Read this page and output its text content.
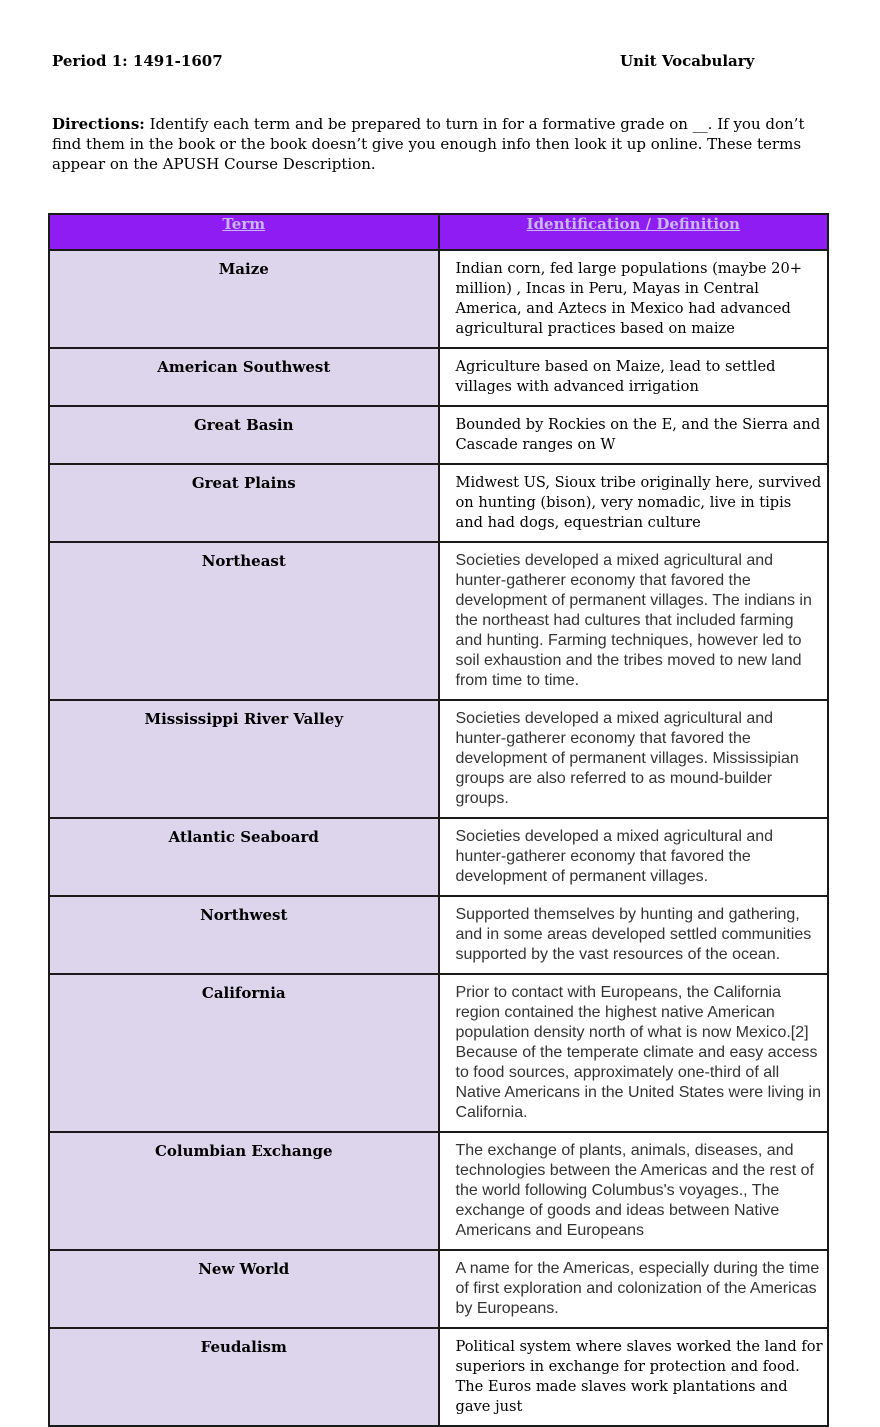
Period 1: 1491-1607	Unit Vocabulary
Directions: Identify each term and be prepared to turn in for a formative grade on __. If you don’t find them in the book or the book doesn’t give you enough info then look it up online. These terms appear on the APUSH Course Description.
Term	Identification / Definition
Maize	Indian corn, fed large populations (maybe 20+ million) , Incas in Peru, Mayas in Central America, and Aztecs in Mexico had advanced agricultural practices based on maize
American Southwest	Agriculture based on Maize, lead to settled villages with advanced irrigation
Great Basin	Bounded by Rockies on the E, and the Sierra and Cascade ranges on W
Great Plains	Midwest US, Sioux tribe originally here, survived on hunting (bison), very nomadic, live in tipis and had dogs, equestrian culture
Northeast	Societies developed a mixed agricultural and hunter-gatherer economy that favored the development of permanent villages. The indians in the northeast had cultures that included farming and hunting. Farming techniques, however led to soil exhaustion and the tribes moved to new land from time to time.
Mississippi River Valley	Societies developed a mixed agricultural and hunter-gatherer economy that favored the development of permanent villages. Mississipian groups are also referred to as mound-builder groups.
Atlantic Seaboard	Societies developed a mixed agricultural and hunter-gatherer economy that favored the development of permanent villages.
Northwest	Supported themselves by hunting and gathering, and in some areas developed settled communities supported by the vast resources of the ocean.
California	Prior to contact with Europeans, the California region contained the highest native American population density north of what is now Mexico.[2] Because of the temperate climate and easy access to food sources, approximately one-third of all Native Americans in the United States were living in California.
Columbian Exchange	The exchange of plants, animals, diseases, and technologies between the Americas and the rest of the world following Columbus's voyages., The exchange of goods and ideas between Native Americans and Europeans
New World	A name for the Americas, especially during the time of first exploration and colonization of the Americas by Europeans.
Feudalism	Political system where slaves worked the land for superiors in exchange for protection and food. The Euros made slaves work plantations and gave just
